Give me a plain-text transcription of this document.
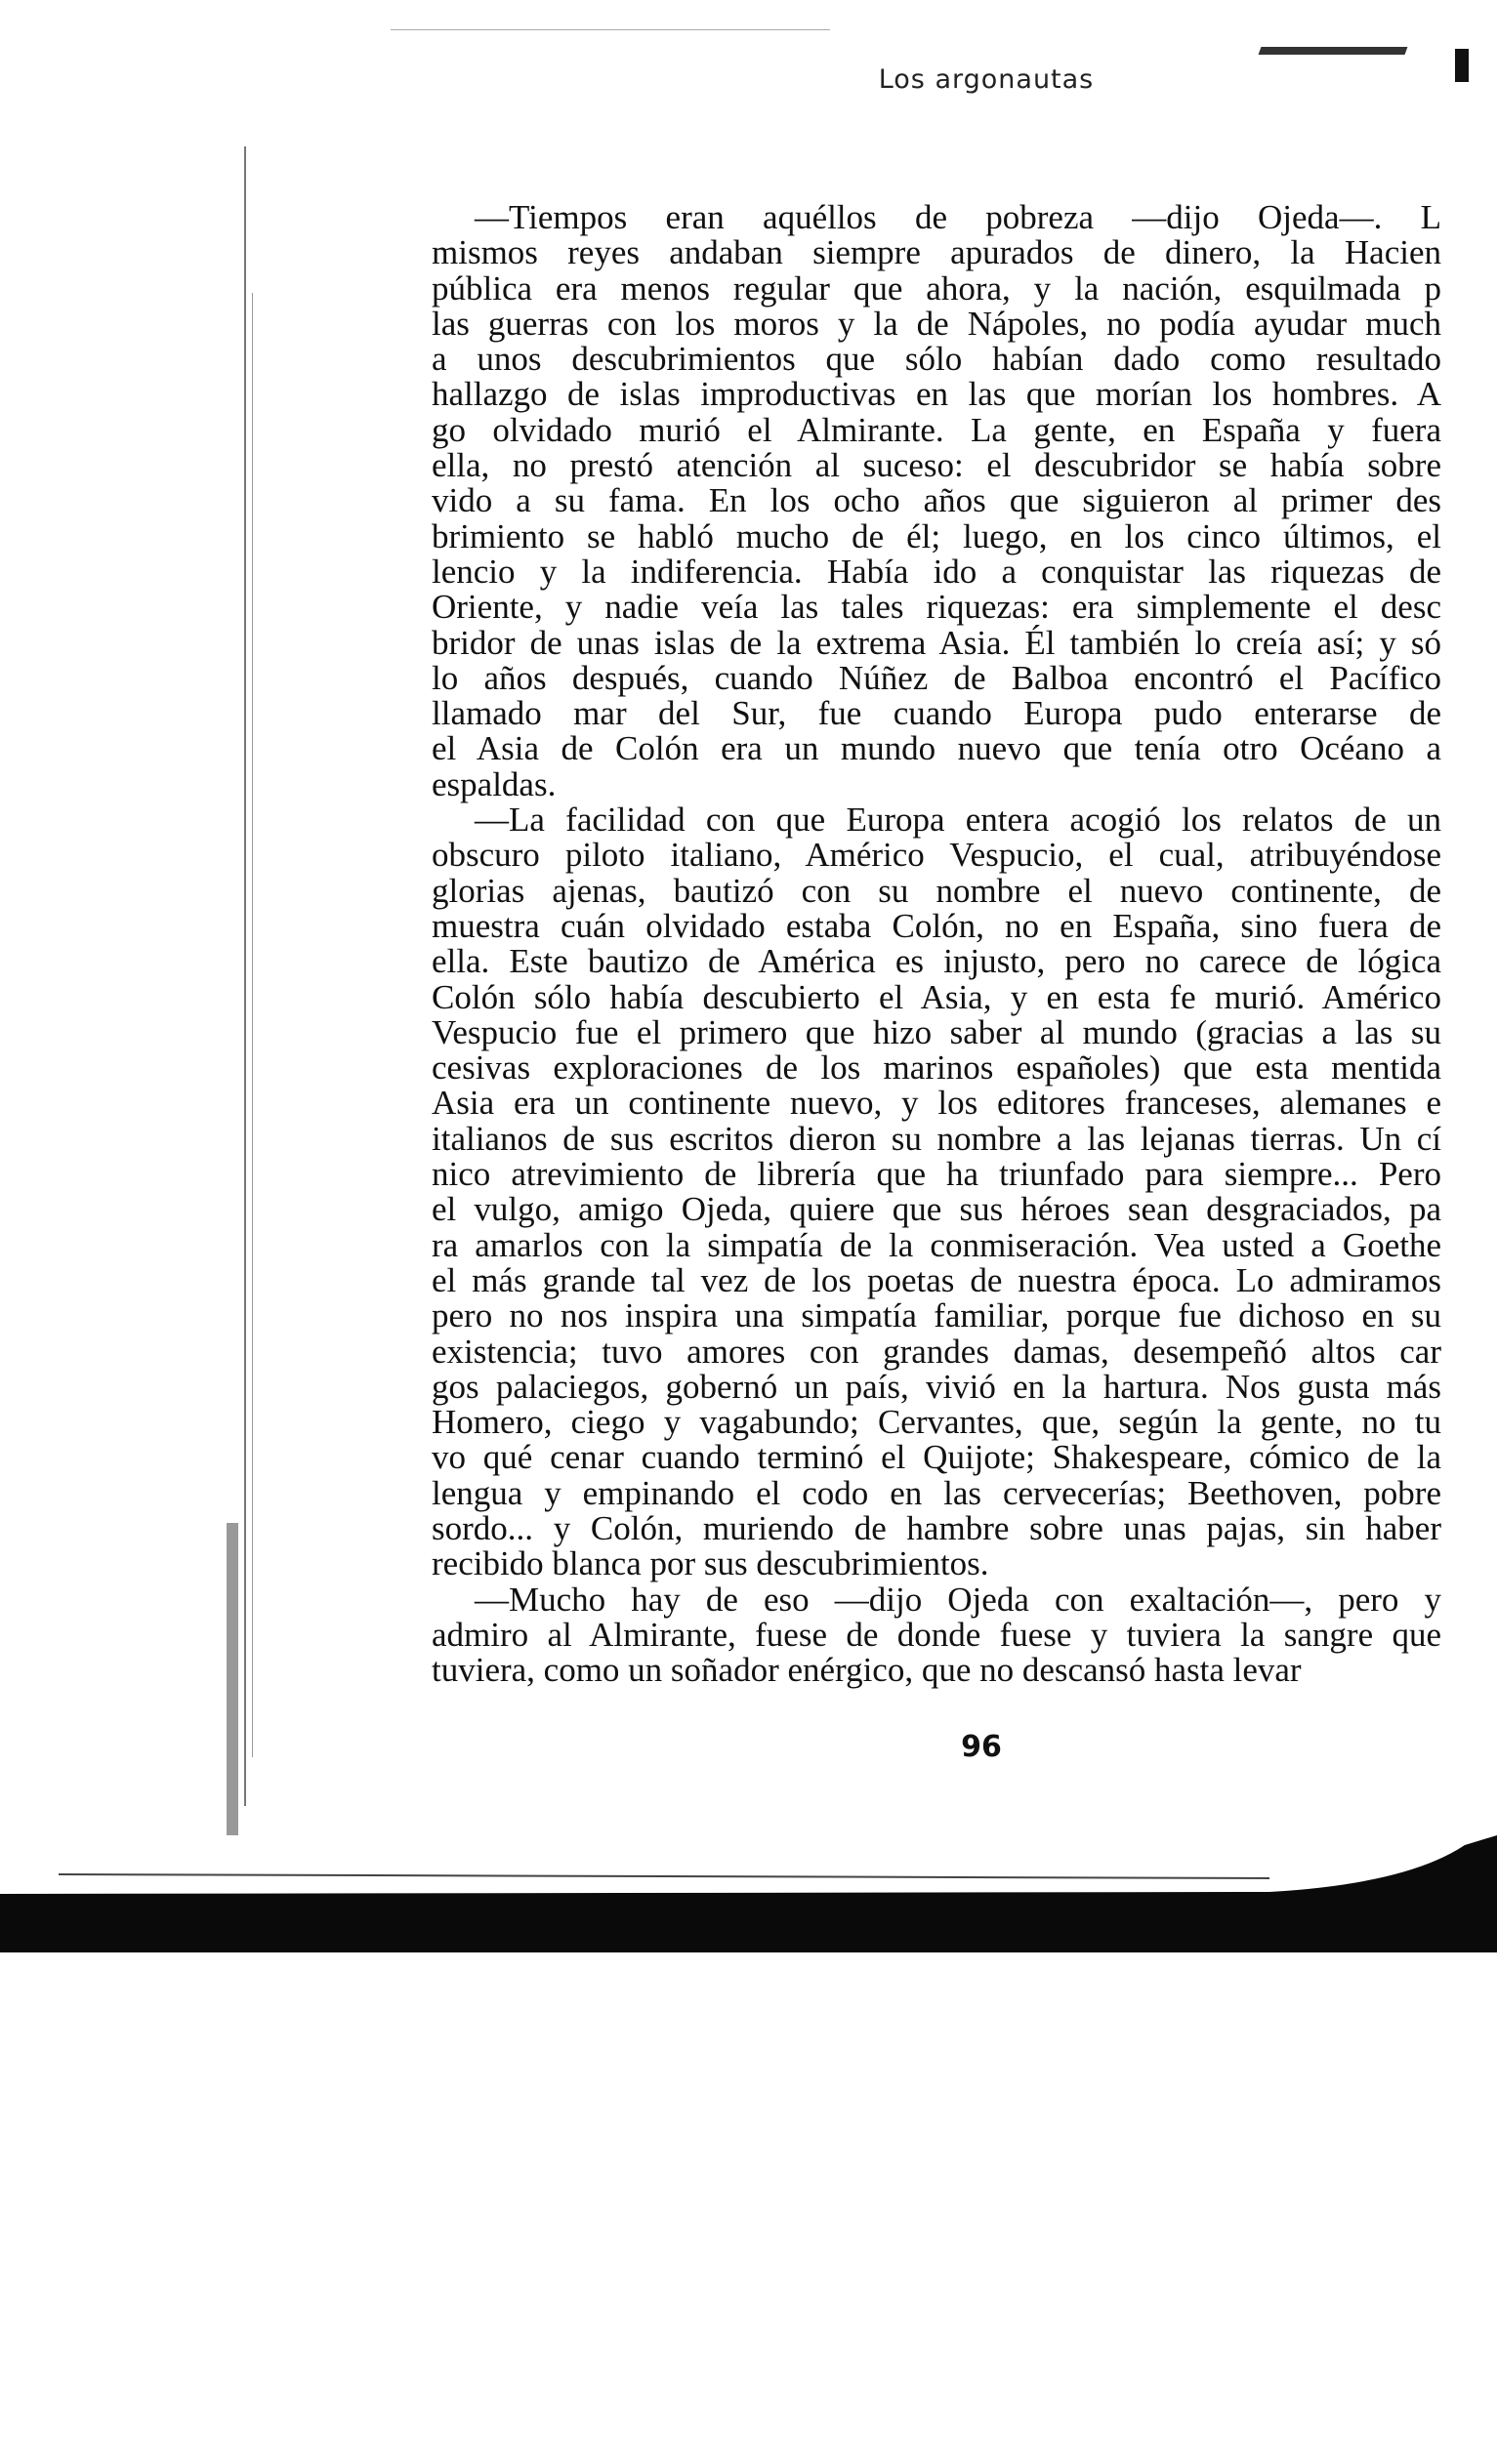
Los argonautas
—Tiempos eran aquéllos de pobreza —dijo Ojeda—. L
mismos reyes andaban siempre apurados de dinero, la Hacien
pública era menos regular que ahora, y la nación, esquilmada p
las guerras con los moros y la de Nápoles, no podía ayudar much
a unos descubrimientos que sólo habían dado como resultado
hallazgo de islas improductivas en las que morían los hombres. A
go olvidado murió el Almirante. La gente, en España y fuera
ella, no prestó atención al suceso: el descubridor se había sobre
vido a su fama. En los ocho años que siguieron al primer des
brimiento se habló mucho de él; luego, en los cinco últimos, el
lencio y la indiferencia. Había ido a conquistar las riquezas de
Oriente, y nadie veía las tales riquezas: era simplemente el desc
bridor de unas islas de la extrema Asia. Él también lo creía así; y só
lo años después, cuando Núñez de Balboa encontró el Pacífico
llamado mar del Sur, fue cuando Europa pudo enterarse de
el Asia de Colón era un mundo nuevo que tenía otro Océano a
espaldas.
—La facilidad con que Europa entera acogió los relatos de un
obscuro piloto italiano, Américo Vespucio, el cual, atribuyéndose
glorias ajenas, bautizó con su nombre el nuevo continente, de
muestra cuán olvidado estaba Colón, no en España, sino fuera de
ella. Este bautizo de América es injusto, pero no carece de lógica
Colón sólo había descubierto el Asia, y en esta fe murió. Américo
Vespucio fue el primero que hizo saber al mundo (gracias a las su
cesivas exploraciones de los marinos españoles) que esta mentida
Asia era un continente nuevo, y los editores franceses, alemanes e
italianos de sus escritos dieron su nombre a las lejanas tierras. Un cí
nico atrevimiento de librería que ha triunfado para siempre... Pero
el vulgo, amigo Ojeda, quiere que sus héroes sean desgraciados, pa
ra amarlos con la simpatía de la conmiseración. Vea usted a Goethe
el más grande tal vez de los poetas de nuestra época. Lo admiramos
pero no nos inspira una simpatía familiar, porque fue dichoso en su
existencia; tuvo amores con grandes damas, desempeñó altos car
gos palaciegos, gobernó un país, vivió en la hartura. Nos gusta más
Homero, ciego y vagabundo; Cervantes, que, según la gente, no tu
vo qué cenar cuando terminó el Quijote; Shakespeare, cómico de la
lengua y empinando el codo en las cervecerías; Beethoven, pobre
sordo... y Colón, muriendo de hambre sobre unas pajas, sin haber
recibido blanca por sus descubrimientos.
—Mucho hay de eso —dijo Ojeda con exaltación—, pero y
admiro al Almirante, fuese de donde fuese y tuviera la sangre que
tuviera, como un soñador enérgico, que no descansó hasta levar
96
